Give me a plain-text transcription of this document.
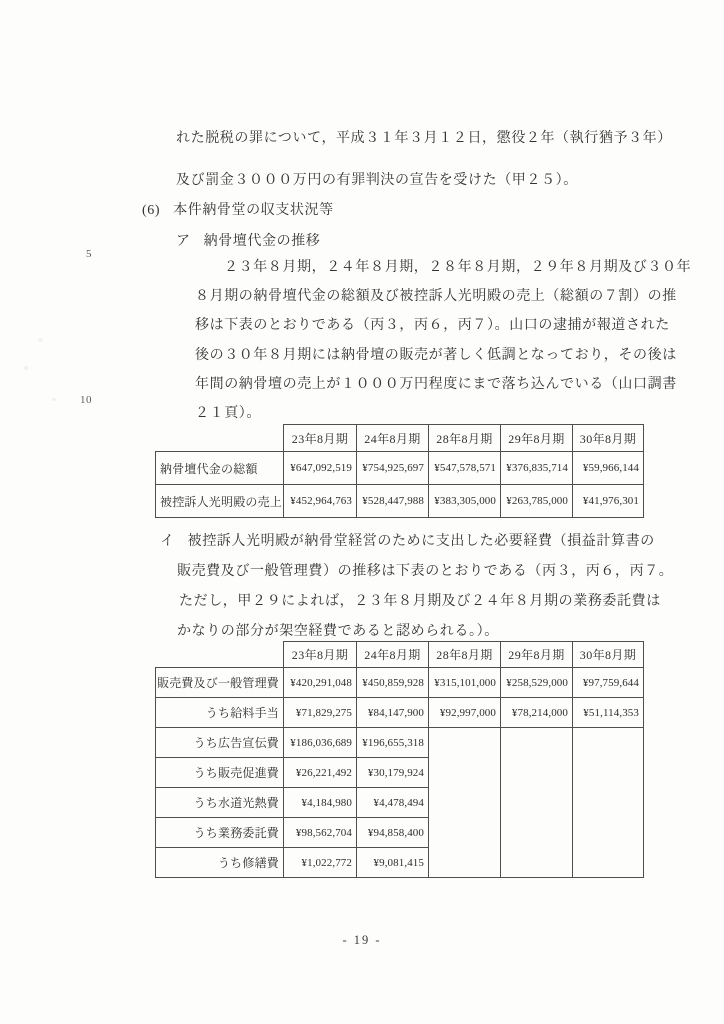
5
10
れた脱税の罪について，平成３１年３月１２日，懲役２年（執行猶予３年）
及び罰金３０００万円の有罪判決の宣告を受けた（甲２５）。
(6) 本件納骨堂の収支状況等
ア 納骨壇代金の推移
２３年８月期，２４年８月期，２８年８月期，２９年８月期及び３０年
８月期の納骨壇代金の総額及び被控訴人光明殿の売上（総額の７割）の推
移は下表のとおりである（丙３，丙６，丙７）。山口の逮捕が報道された
後の３０年８月期には納骨壇の販売が著しく低調となっており，その後は
年間の納骨壇の売上が１０００万円程度にまで落ち込んでいる（山口調書
２１頁）。
	23年8月期	24年8月期	28年8月期	29年8月期	30年8月期
納骨壇代金の総額	¥647,092,519	¥754,925,697	¥547,578,571	¥376,835,714	¥59,966,144
被控訴人光明殿の売上	¥452,964,763	¥528,447,988	¥383,305,000	¥263,785,000	¥41,976,301
イ 被控訴人光明殿が納骨堂経営のために支出した必要経費（損益計算書の
販売費及び一般管理費）の推移は下表のとおりである（丙３，丙６，丙７。
ただし，甲２９によれば，２３年８月期及び２４年８月期の業務委託費は
かなりの部分が架空経費であると認められる。）。
	23年8月期	24年8月期	28年8月期	29年8月期	30年8月期
販売費及び一般管理費	¥420,291,048	¥450,859,928	¥315,101,000	¥258,529,000	¥97,759,644
うち給料手当	¥71,829,275	¥84,147,900	¥92,997,000	¥78,214,000	¥51,114,353
うち広告宣伝費	¥186,036,689	¥196,655,318			
うち販売促進費	¥26,221,492	¥30,179,924			
うち水道光熱費	¥4,184,980	¥4,478,494			
うち業務委託費	¥98,562,704	¥94,858,400			
うち修繕費	¥1,022,772	¥9,081,415			
- 19 -
